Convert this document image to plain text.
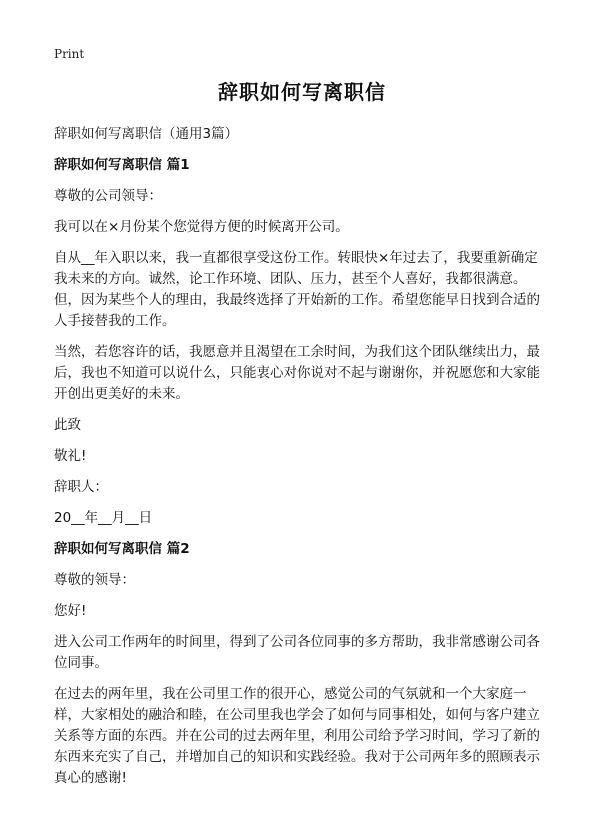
Print
辞职如何写离职信

辞职如何写离职信（通用3篇）

辞职如何写离职信 篇1

尊敬的公司领导：

我可以在×月份某个您觉得方便的时候离开公司。

自从__年入职以来，我一直都很享受这份工作。转眼快×年过去了，我要重新确定我未来的方向。诚然，论工作环境、团队、压力，甚至个人喜好，我都很满意。但，因为某些个人的理由，我最终选择了开始新的工作。希望您能早日找到合适的人手接替我的工作。

当然，若您容许的话，我愿意并且渴望在工余时间，为我们这个团队继续出力，最后，我也不知道可以说什么，只能衷心对你说对不起与谢谢你，并祝愿您和大家能开创出更美好的未来。

此致

敬礼!

辞职人：

20__年__月__日

辞职如何写离职信 篇2

尊敬的领导：

您好!

进入公司工作两年的时间里，得到了公司各位同事的多方帮助，我非常感谢公司各位同事。

在过去的两年里，我在公司里工作的很开心，感觉公司的气氛就和一个大家庭一样，大家相处的融洽和睦，在公司里我也学会了如何与同事相处，如何与客户建立关系等方面的东西。并在公司的过去两年里，利用公司给予学习时间，学习了新的东西来充实了自己，并增加自己的知识和实践经验。我对于公司两年多的照顾表示真心的感谢!
